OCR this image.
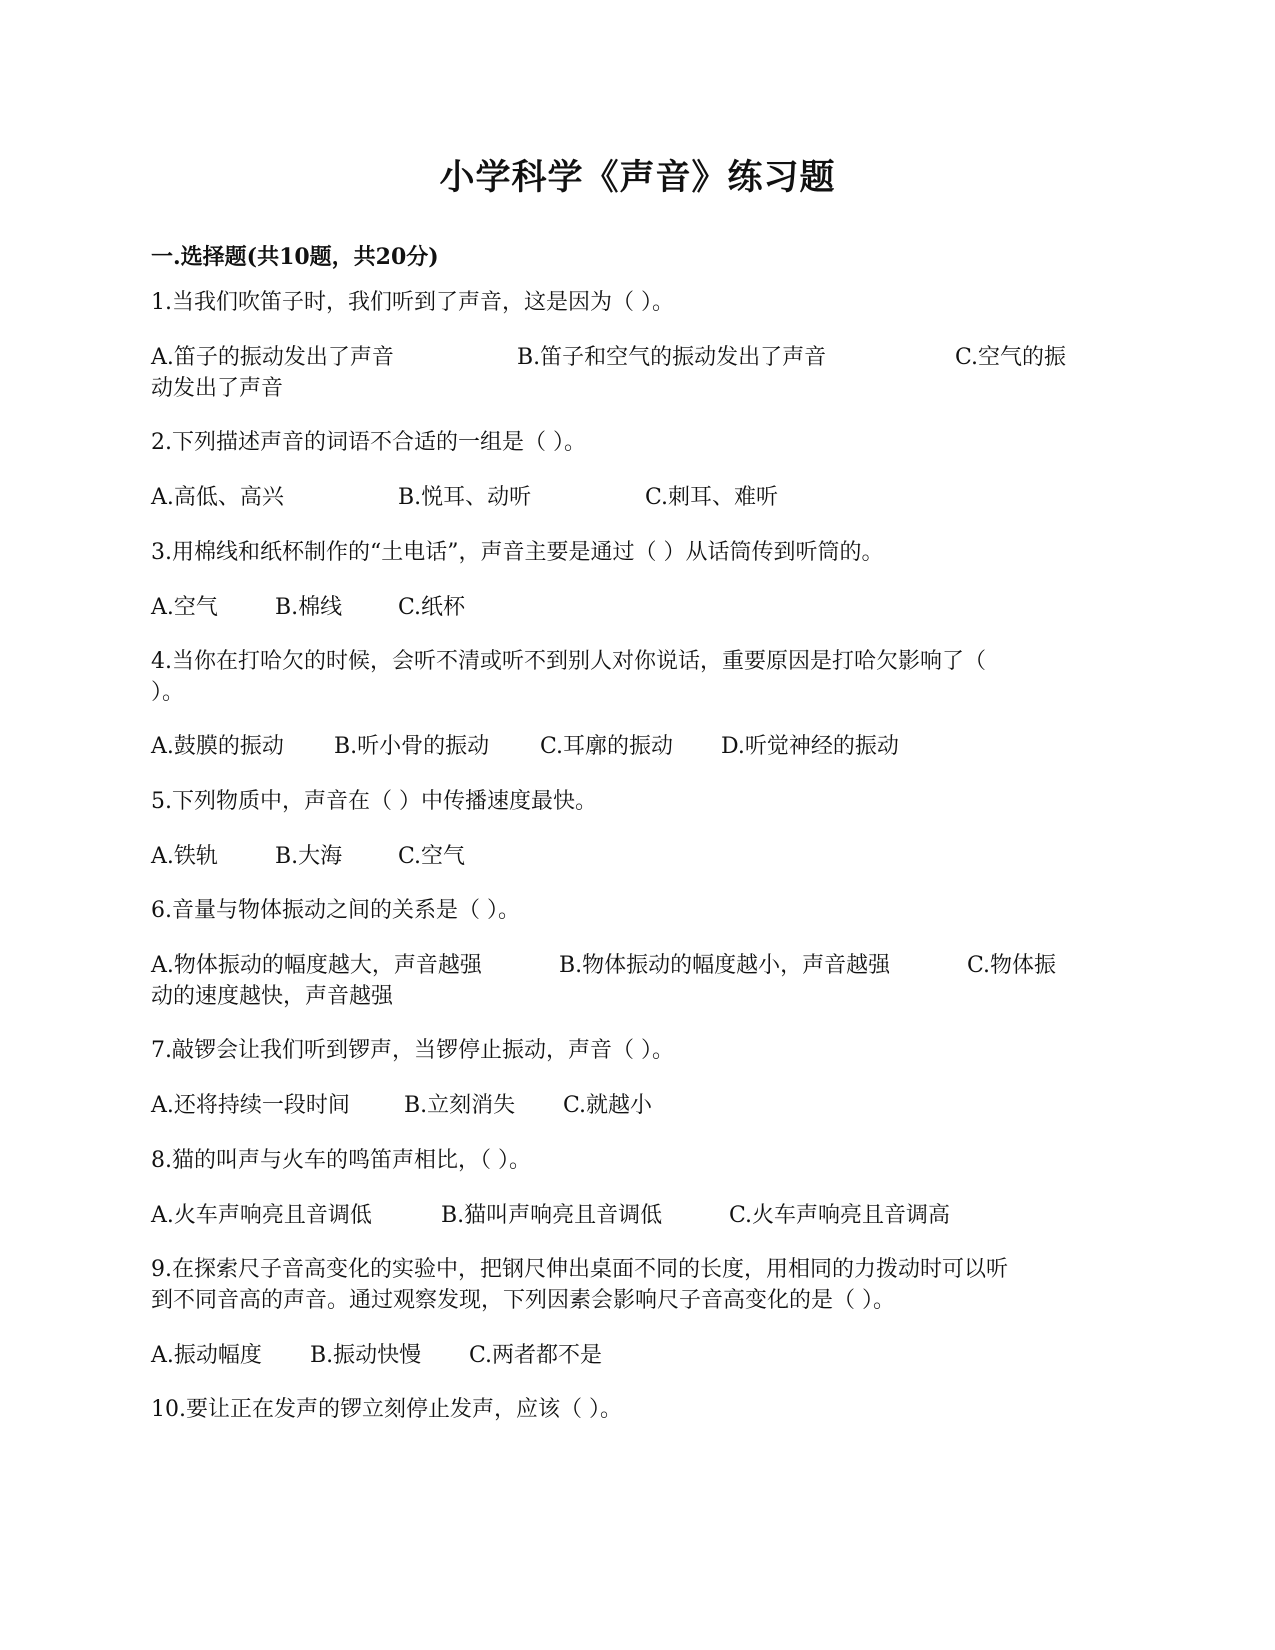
小学科学《声音》练习题
一.选择题(共10题，共20分)
1.当我们吹笛子时，我们听到了声音，这是因为（ ）。
A.笛子的振动发出了声音	B.笛子和空气的振动发出了声音	C.空气的振
动发出了声音
2.下列描述声音的词语不合适的一组是（ ）。
A.高低、高兴	B.悦耳、动听	C.刺耳、难听
3.用棉线和纸杯制作的“土电话”，声音主要是通过（ ）从话筒传到听筒的。
A.空气	B.棉线	C.纸杯
4.当你在打哈欠的时候，会听不清或听不到别人对你说话，重要原因是打哈欠影响了（
）。
A.鼓膜的振动 B.听小骨的振动 C.耳廓的振动 D.听觉神经的振动
5.下列物质中，声音在（ ）中传播速度最快。
A.铁轨	B.大海	C.空气
6.音量与物体振动之间的关系是（ ）。
A.物体振动的幅度越大，声音越强	B.物体振动的幅度越小，声音越强	C.物体振
动的速度越快，声音越强
7.敲锣会让我们听到锣声，当锣停止振动，声音（ ）。
A.还将持续一段时间 B.立刻消失 C.就越小
8.猫的叫声与火车的鸣笛声相比，（ ）。
A.火车声响亮且音调低	B.猫叫声响亮且音调低	C.火车声响亮且音调高
9.在探索尺子音高变化的实验中，把钢尺伸出桌面不同的长度，用相同的力拨动时可以听
到不同音高的声音。通过观察发现，下列因素会影响尺子音高变化的是（ ）。
A.振动幅度 B.振动快慢 C.两者都不是
10.要让正在发声的锣立刻停止发声，应该（ ）。
